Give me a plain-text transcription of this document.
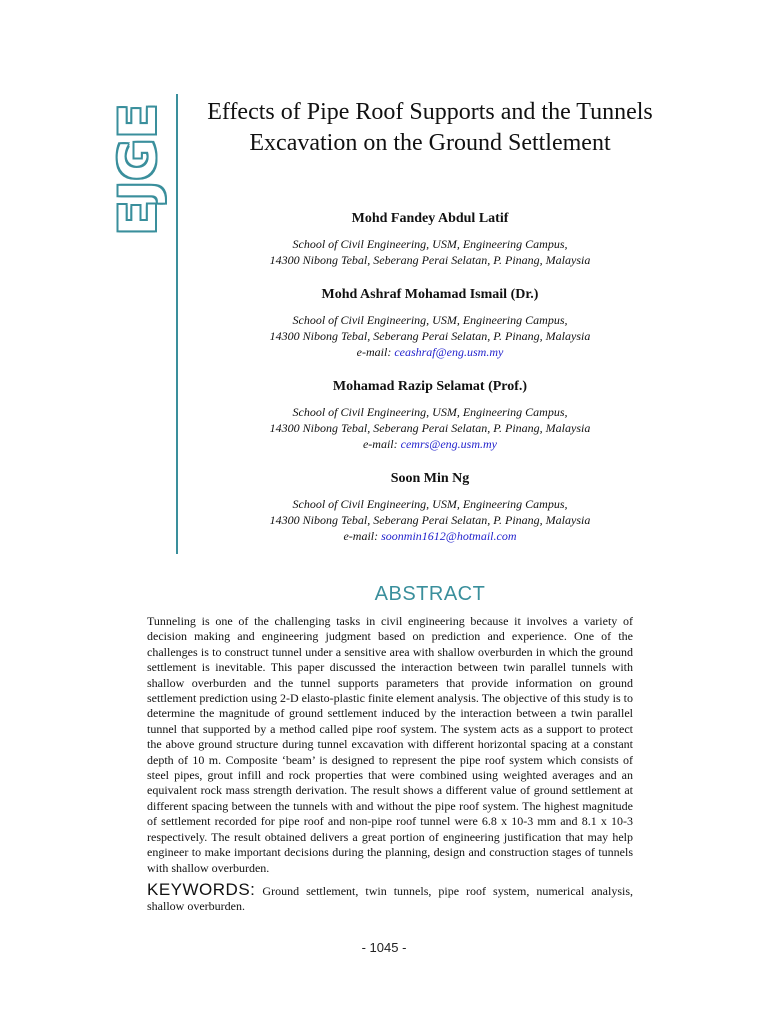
EJGE	Effects of Pipe Roof Supports and the Tunnels Excavation on the Ground Settlement
Mohd Fandey Abdul Latif
School of Civil Engineering, USM, Engineering Campus,
14300 Nibong Tebal, Seberang Perai Selatan, P. Pinang, Malaysia
Mohd Ashraf Mohamad Ismail (Dr.)
School of Civil Engineering, USM, Engineering Campus,
14300 Nibong Tebal, Seberang Perai Selatan, P. Pinang, Malaysia
e-mail: ceashraf@eng.usm.my
Mohamad Razip Selamat (Prof.)
School of Civil Engineering, USM, Engineering Campus,
14300 Nibong Tebal, Seberang Perai Selatan, P. Pinang, Malaysia
e-mail: cemrs@eng.usm.my
Soon Min Ng
School of Civil Engineering, USM, Engineering Campus,
14300 Nibong Tebal, Seberang Perai Selatan, P. Pinang, Malaysia
e-mail: soonmin1612@hotmail.com
ABSTRACT
Tunneling is one of the challenging tasks in civil engineering because it involves a variety of decision making and engineering judgment based on prediction and experience. One of the challenges is to construct tunnel under a sensitive area with shallow overburden in which the ground settlement is inevitable. This paper discussed the interaction between twin parallel tunnels with shallow overburden and the tunnel supports parameters that provide information on ground settlement prediction using 2-D elasto-plastic finite element analysis. The objective of this study is to determine the magnitude of ground settlement induced by the interaction between a twin parallel tunnel that supported by a method called pipe roof system. The system acts as a support to protect the above ground structure during tunnel excavation with different horizontal spacing at a constant depth of 10 m. Composite ‘beam’ is designed to represent the pipe roof system which consists of steel pipes, grout infill and rock properties that were combined using weighted averages and an equivalent rock mass strength derivation. The result shows a different value of ground settlement at different spacing between the tunnels with and without the pipe roof system. The highest magnitude of settlement recorded for pipe roof and non-pipe roof tunnel were 6.8 x 10-3 mm and 8.1 x 10-3 respectively. The result obtained delivers a great portion of engineering justification that may help engineer to make important decisions during the planning, design and construction stages of tunnels with shallow overburden.
KEYWORDS: Ground settlement, twin tunnels, pipe roof system, numerical analysis, shallow overburden.
- 1045 -
